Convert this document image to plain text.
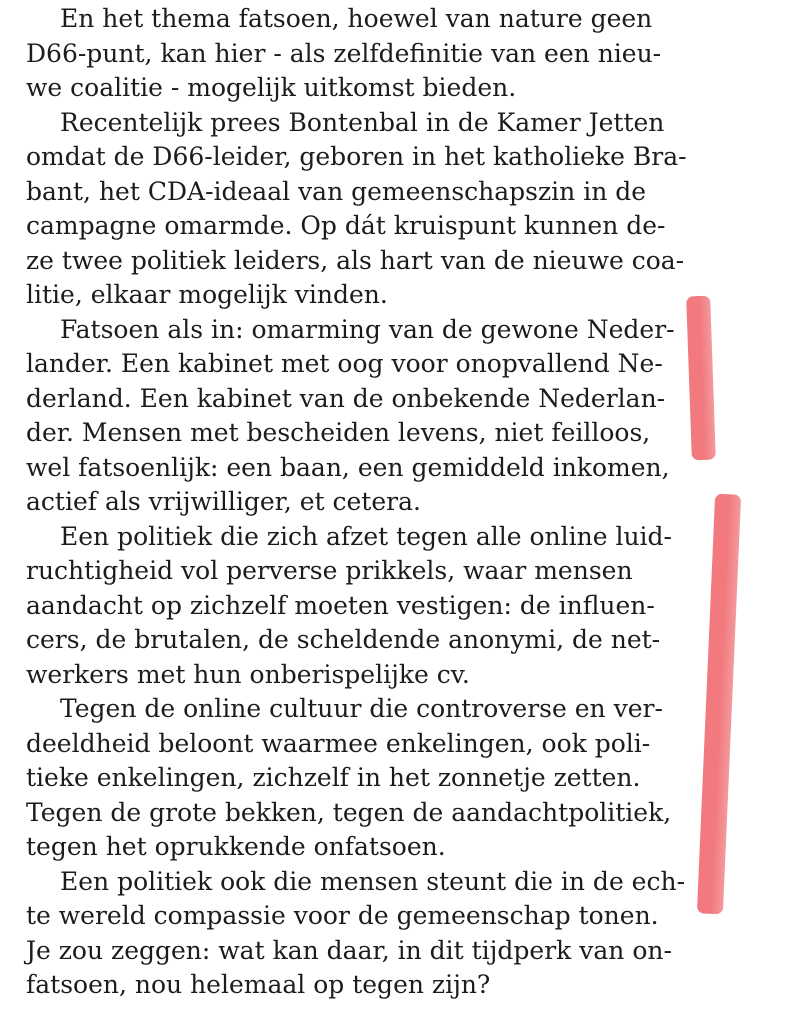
En het thema fatsoen, hoewel van nature geen
D66-punt, kan hier - als zelfdefinitie van een nieu-
we coalitie - mogelijk uitkomst bieden.

Recentelijk prees Bontenbal in de Kamer Jetten
omdat de D66-leider, geboren in het katholieke Bra-
bant, het CDA-ideaal van gemeenschapszin in de
campagne omarmde. Op dát kruispunt kunnen de-
ze twee politiek leiders, als hart van de nieuwe coa-
litie, elkaar mogelijk vinden.

Fatsoen als in: omarming van de gewone Neder-
lander. Een kabinet met oog voor onopvallend Ne-
derland. Een kabinet van de onbekende Nederlan-
der. Mensen met bescheiden levens, niet feilloos,
wel fatsoenlijk: een baan, een gemiddeld inkomen,
actief als vrijwilliger, et cetera.

Een politiek die zich afzet tegen alle online luid-
ruchtigheid vol perverse prikkels, waar mensen
aandacht op zichzelf moeten vestigen: de influen-
cers, de brutalen, de scheldende anonymi, de net-
werkers met hun onberispelijke cv.

Tegen de online cultuur die controverse en ver-
deeldheid beloont waarmee enkelingen, ook poli-
tieke enkelingen, zichzelf in het zonnetje zetten.
Tegen de grote bekken, tegen de aandachtpolitiek,
tegen het oprukkende onfatsoen.

Een politiek ook die mensen steunt die in de ech-
te wereld compassie voor de gemeenschap tonen.
Je zou zeggen: wat kan daar, in dit tijdperk van on-
fatsoen, nou helemaal op tegen zijn?
